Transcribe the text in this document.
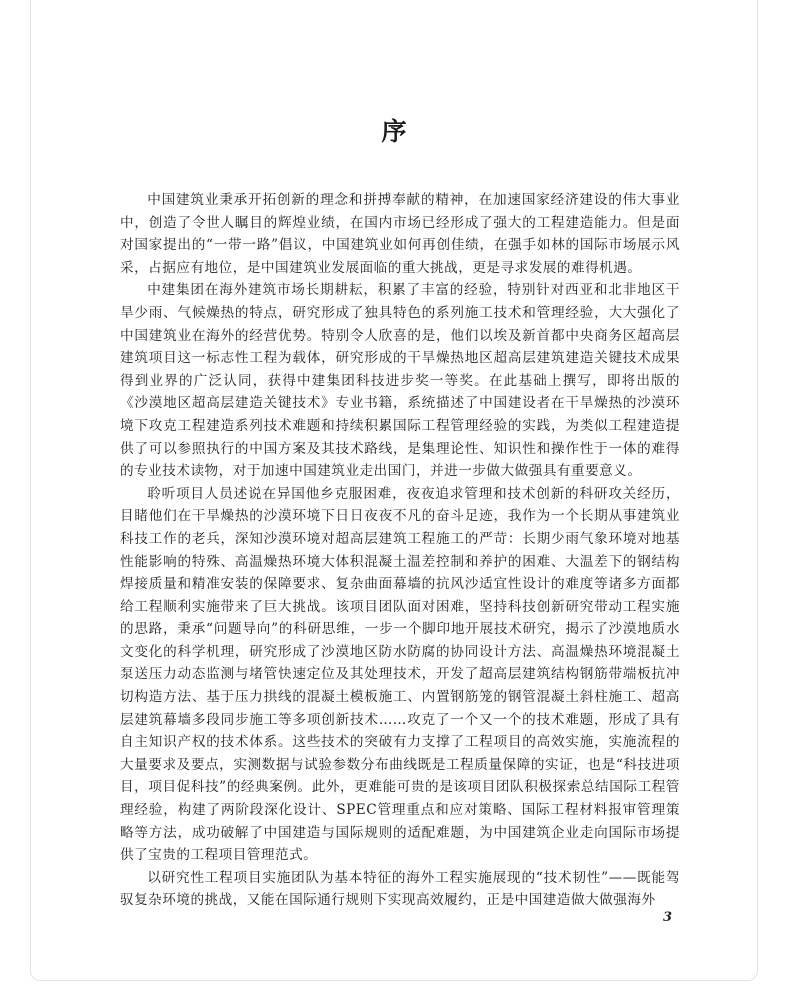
序

中国建筑业秉承开拓创新的理念和拼搏奉献的精神，在加速国家经济建设的伟大事业中，创造了令世人瞩目的辉煌业绩，在国内市场已经形成了强大的工程建造能力。但是面对国家提出的“一带一路”倡议，中国建筑业如何再创佳绩，在强手如林的国际市场展示风采，占据应有地位，是中国建筑业发展面临的重大挑战，更是寻求发展的难得机遇。

中建集团在海外建筑市场长期耕耘，积累了丰富的经验，特别针对西亚和北非地区干旱少雨、气候燥热的特点，研究形成了独具特色的系列施工技术和管理经验，大大强化了中国建筑业在海外的经营优势。特别令人欣喜的是，他们以埃及新首都中央商务区超高层建筑项目这一标志性工程为载体，研究形成的干旱燥热地区超高层建筑建造关键技术成果得到业界的广泛认同，获得中建集团科技进步奖一等奖。在此基础上撰写，即将出版的《沙漠地区超高层建造关键技术》专业书籍，系统描述了中国建设者在干旱燥热的沙漠环境下攻克工程建造系列技术难题和持续积累国际工程管理经验的实践，为类似工程建造提供了可以参照执行的中国方案及其技术路线，是集理论性、知识性和操作性于一体的难得的专业技术读物，对于加速中国建筑业走出国门，并进一步做大做强具有重要意义。

聆听项目人员述说在异国他乡克服困难，夜夜追求管理和技术创新的科研攻关经历，目睹他们在干旱燥热的沙漠环境下日日夜夜不凡的奋斗足迹，我作为一个长期从事建筑业科技工作的老兵，深知沙漠环境对超高层建筑工程施工的严苛：长期少雨气象环境对地基性能影响的特殊、高温燥热环境大体积混凝土温差控制和养护的困难、大温差下的钢结构焊接质量和精准安装的保障要求、复杂曲面幕墙的抗风沙适宜性设计的难度等诸多方面都给工程顺利实施带来了巨大挑战。该项目团队面对困难，坚持科技创新研究带动工程实施的思路，秉承“问题导向”的科研思维，一步一个脚印地开展技术研究，揭示了沙漠地质水文变化的科学机理，研究形成了沙漠地区防水防腐的协同设计方法、高温燥热环境混凝土泵送压力动态监测与堵管快速定位及其处理技术，开发了超高层建筑结构钢筋带端板抗冲切构造方法、基于压力拱线的混凝土模板施工、内置钢筋笼的钢管混凝土斜柱施工、超高层建筑幕墙多段同步施工等多项创新技术……攻克了一个又一个的技术难题，形成了具有自主知识产权的技术体系。这些技术的突破有力支撑了工程项目的高效实施，实施流程的大量要求及要点，实测数据与试验参数分布曲线既是工程质量保障的实证，也是“科技进项目，项目促科技”的经典案例。此外，更难能可贵的是该项目团队积极探索总结国际工程管理经验，构建了两阶段深化设计、SPEC管理重点和应对策略、国际工程材料报审管理策略等方法，成功破解了中国建造与国际规则的适配难题，为中国建筑企业走向国际市场提供了宝贵的工程项目管理范式。

以研究性工程项目实施团队为基本特征的海外工程实施展现的“技术韧性”——既能驾驭复杂环境的挑战，又能在国际通行规则下实现高效履约，正是中国建造做大做强海外

3
